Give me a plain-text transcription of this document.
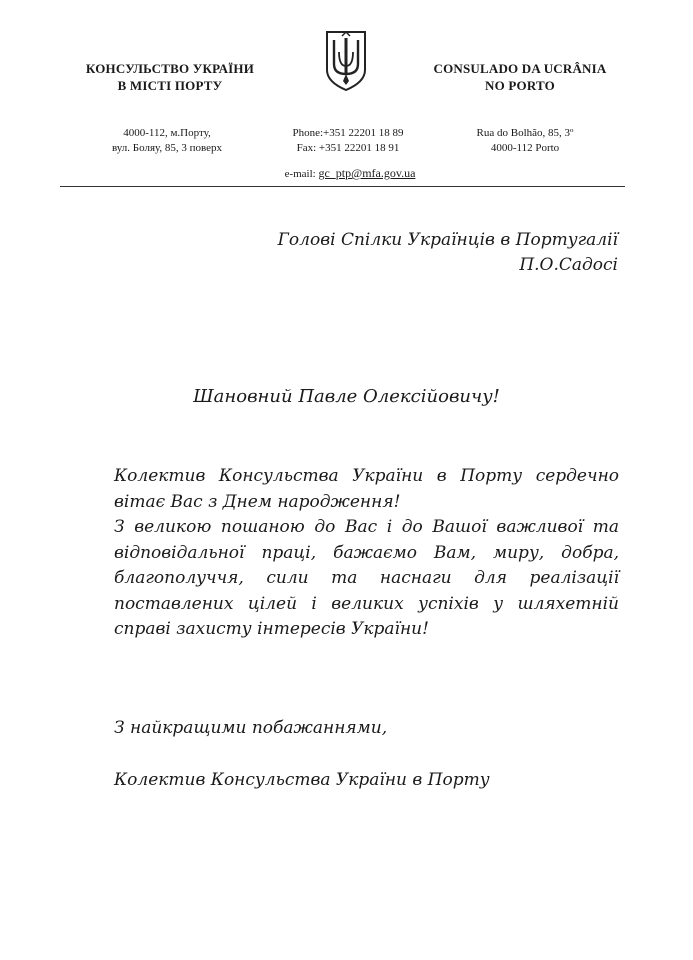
КОНСУЛЬСТВО УКРАЇНИ
В МІСТІ ПОРТУ
CONSULADO DA UCRÂNIA
NO PORTO
4000-112, м.Порту,
вул. Боляу, 85, 3 поверх
Phone:+351 22201 18 89
Fax: +351 22201 18 91
Rua do Bolhão, 85, 3º
4000-112 Porto
e-mail: gc_ptp@mfa.gov.ua
Голові Спілки Українців в Португалії
П.О.Садосі
Шановний Павле Олексійовичу!

Колектив Консульства України в Порту сердечно вітає Вас з Днем народження!

З великою пошаною до Вас і до Вашої важливої та відповідальної праці, бажаємо Вам, миру, добра, благополуччя, сили та наснаги для реалізації поставлених цілей і великих успіхів у шляхетній справі захисту інтересів України!

З найкращими побажаннями,
Колектив Консульства України в Порту
